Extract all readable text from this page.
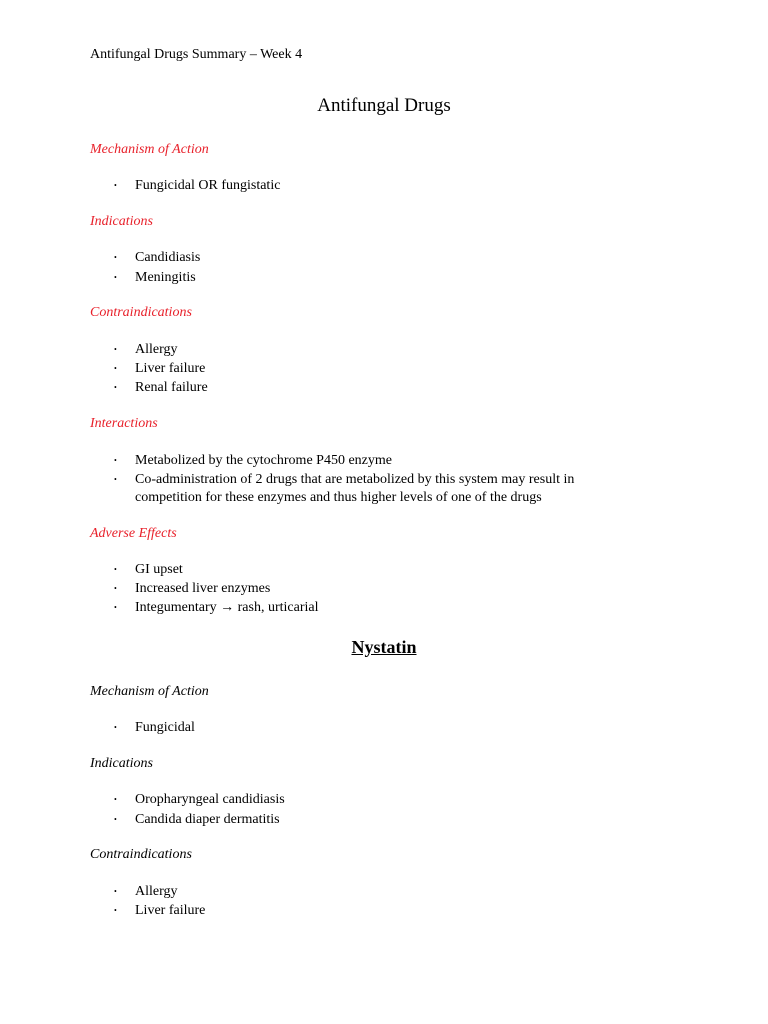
Antifungal Drugs Summary – Week 4
Antifungal Drugs
Mechanism of Action
• Fungicidal OR fungistatic
Indications
• Candidiasis
• Meningitis
Contraindications
• Allergy
• Liver failure
• Renal failure
Interactions
• Metabolized by the cytochrome P450 enzyme
• Co-administration of 2 drugs that are metabolized by this system may result in
competition for these enzymes and thus higher levels of one of the drugs
Adverse Effects
• GI upset
• Increased liver enzymes
• Integumentary → rash, urticarial
Nystatin
Mechanism of Action
• Fungicidal
Indications
• Oropharyngeal candidiasis
• Candida diaper dermatitis
Contraindications
• Allergy
• Liver failure
